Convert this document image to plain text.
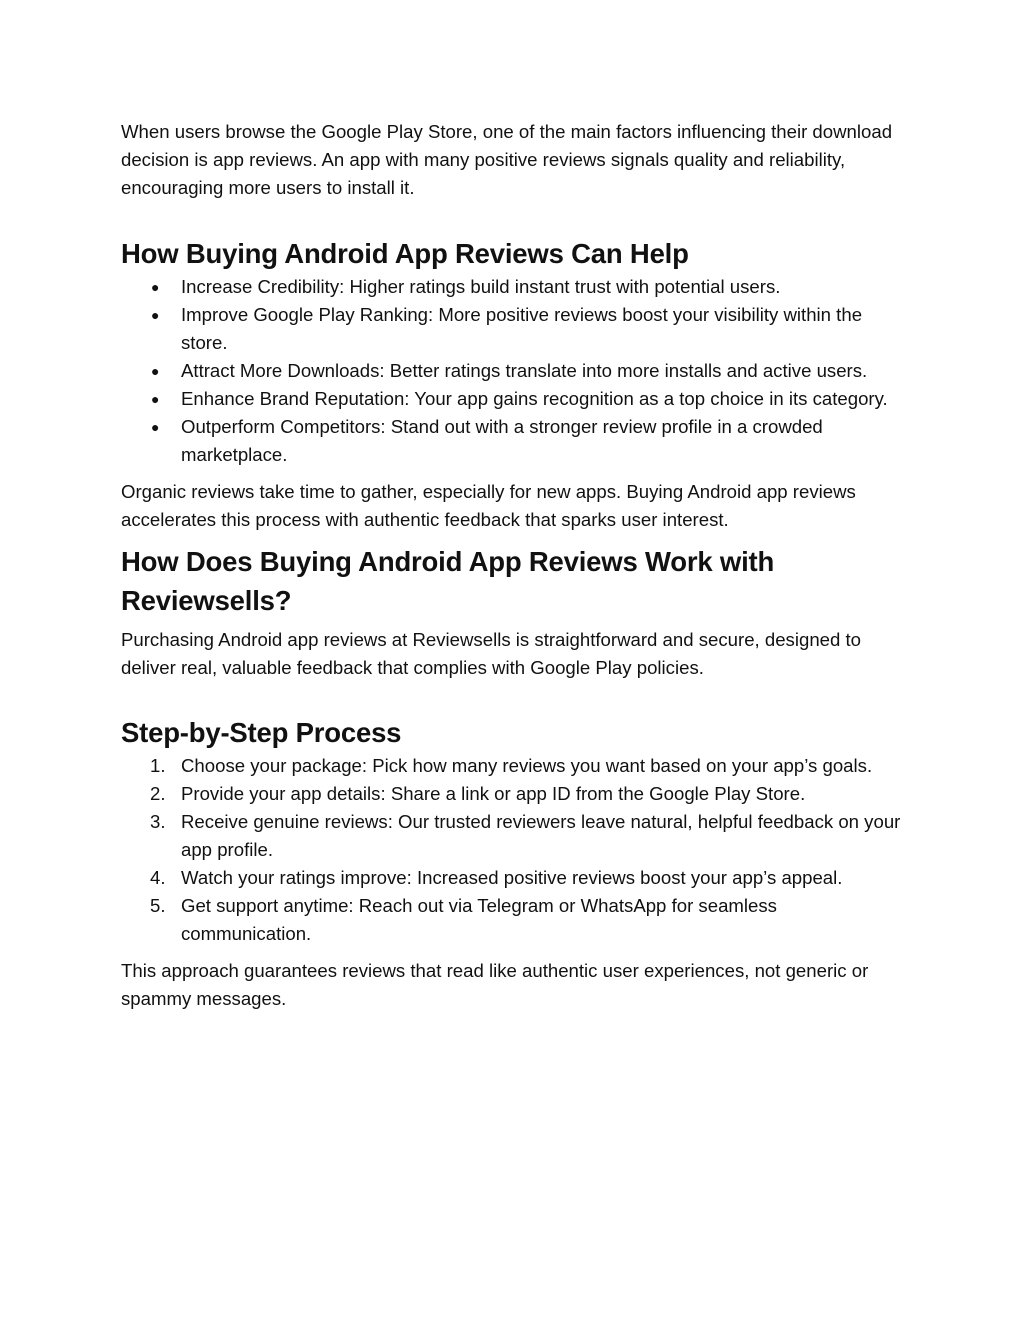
When users browse the Google Play Store, one of the main factors influencing their download decision is app reviews. An app with many positive reviews signals quality and reliability, encouraging more users to install it.

How Buying Android App Reviews Can Help
● Increase Credibility: Higher ratings build instant trust with potential users.
● Improve Google Play Ranking: More positive reviews boost your visibility within the store.
● Attract More Downloads: Better ratings translate into more installs and active users.
● Enhance Brand Reputation: Your app gains recognition as a top choice in its category.
● Outperform Competitors: Stand out with a stronger review profile in a crowded marketplace.

Organic reviews take time to gather, especially for new apps. Buying Android app reviews accelerates this process with authentic feedback that sparks user interest.

How Does Buying Android App Reviews Work with Reviewsells?

Purchasing Android app reviews at Reviewsells is straightforward and secure, designed to deliver real, valuable feedback that complies with Google Play policies.

Step-by-Step Process
1. Choose your package: Pick how many reviews you want based on your app’s goals.
2. Provide your app details: Share a link or app ID from the Google Play Store.
3. Receive genuine reviews: Our trusted reviewers leave natural, helpful feedback on your app profile.
4. Watch your ratings improve: Increased positive reviews boost your app’s appeal.
5. Get support anytime: Reach out via Telegram or WhatsApp for seamless communication.

This approach guarantees reviews that read like authentic user experiences, not generic or spammy messages.
